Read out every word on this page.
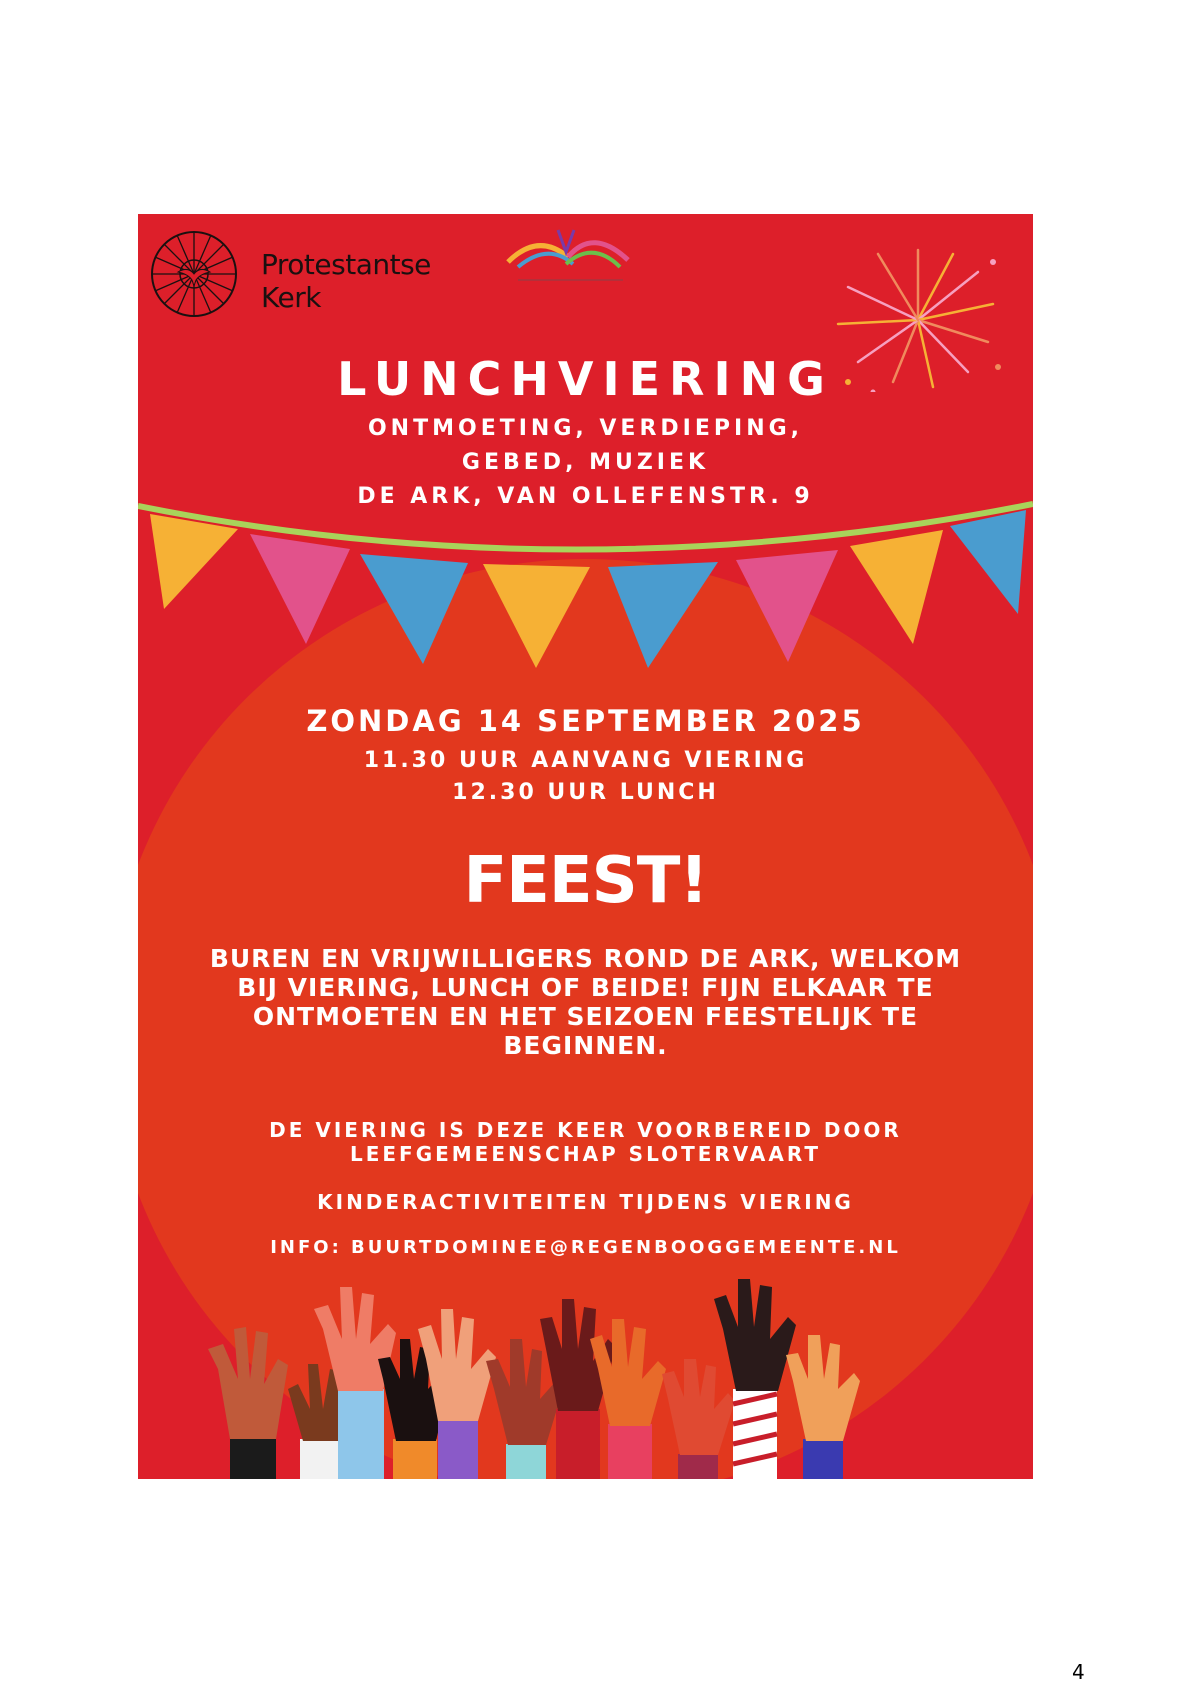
Protestantse
Kerk
LUNCHVIERING
ONTMOETING, VERDIEPING,
GEBED, MUZIEK
DE ARK, VAN OLLEFENSTR. 9
ZONDAG 14 SEPTEMBER 2025
11.30 UUR AANVANG VIERING
12.30 UUR LUNCH
FEEST!
BUREN EN VRIJWILLIGERS ROND DE ARK, WELKOM
BIJ VIERING, LUNCH OF BEIDE! FIJN ELKAAR TE
ONTMOETEN EN HET SEIZOEN FEESTELIJK TE
BEGINNEN.
DE VIERING IS DEZE KEER VOORBEREID DOOR
LEEFGEMEENSCHAP SLOTERVAART
KINDERACTIVITEITEN TIJDENS VIERING
INFO: BUURTDOMINEE@REGENBOOGGEMEENTE.NL
4
